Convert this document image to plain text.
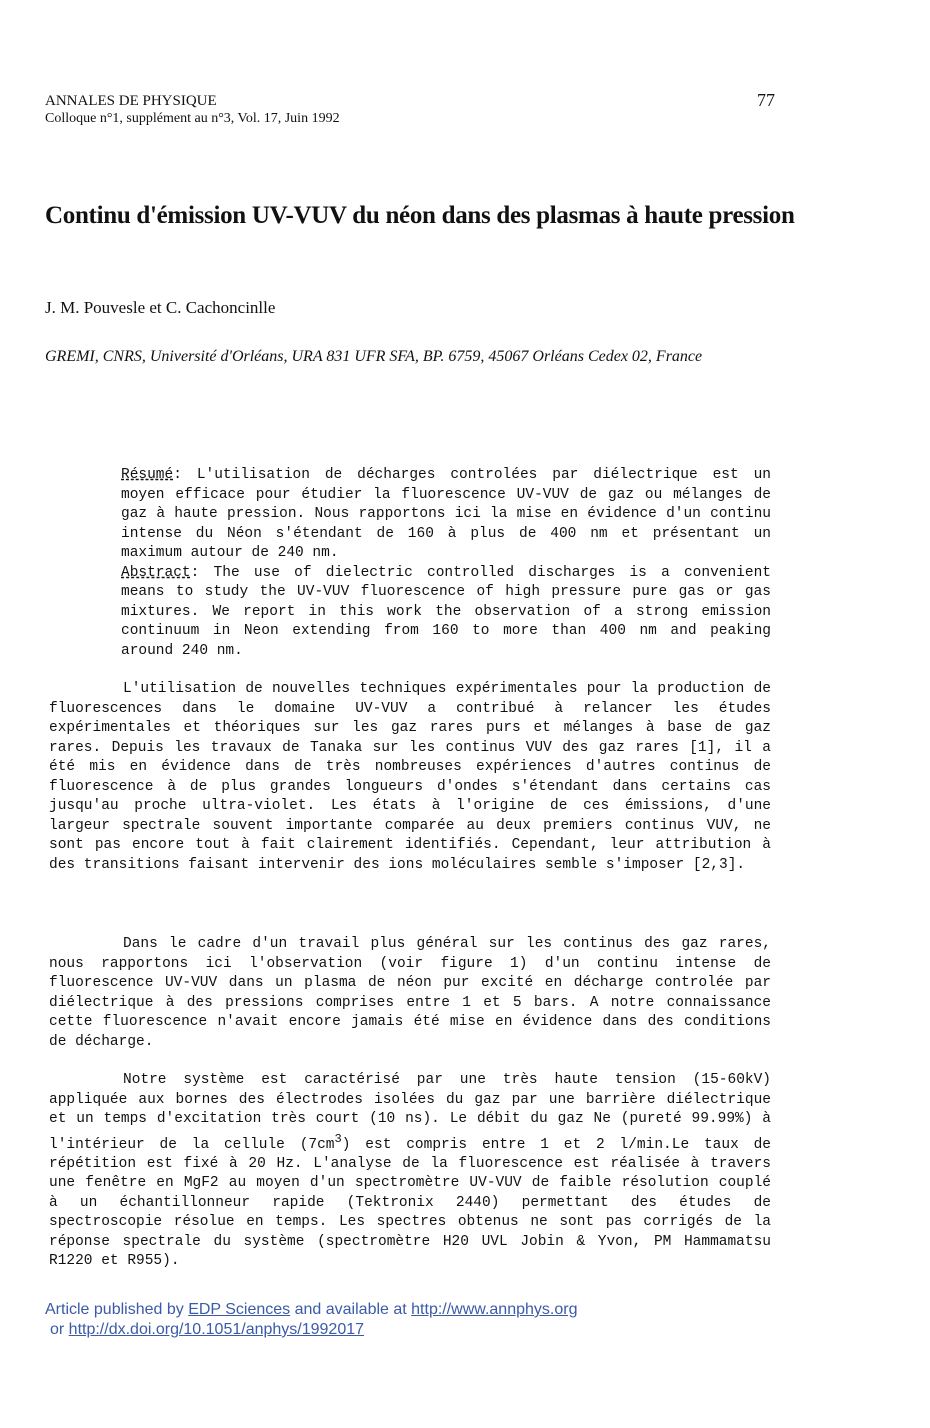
ANNALES DE PHYSIQUE
Colloque n°1, supplément au n°3, Vol. 17, Juin 1992
77
Continu d'émission UV-VUV du néon dans des plasmas à haute pression
J. M. Pouvesle et C. Cachoncinlle
GREMI, CNRS, Université d'Orléans, URA 831 UFR SFA, BP. 6759, 45067 Orléans Cedex 02, France

Résumé: L'utilisation de décharges controlées par diélectrique est un moyen efficace pour étudier la fluorescence UV-VUV de gaz ou mélanges de gaz à haute pression. Nous rapportons ici la mise en évidence d'un continu intense du Néon s'étendant de 160 à plus de 400 nm et présentant un maximum autour de 240 nm.

Abstract: The use of dielectric controlled discharges is a convenient means to study the UV-VUV fluorescence of high pressure pure gas or gas mixtures. We report in this work the observation of a strong emission continuum in Neon extending from 160 to more than 400 nm and peaking around 240 nm.

L'utilisation de nouvelles techniques expérimentales pour la production de fluorescences dans le domaine UV-VUV a contribué à relancer les études expérimentales et théoriques sur les gaz rares purs et mélanges à base de gaz rares. Depuis les travaux de Tanaka sur les continus VUV des gaz rares [1], il a été mis en évidence dans de très nombreuses expériences d'autres continus de fluorescence à de plus grandes longueurs d'ondes s'étendant dans certains cas jusqu'au proche ultra-violet. Les états à l'origine de ces émissions, d'une largeur spectrale souvent importante comparée au deux premiers continus VUV, ne sont pas encore tout à fait clairement identifiés. Cependant, leur attribution à des transitions faisant intervenir des ions moléculaires semble s'imposer [2,3].

Dans le cadre d'un travail plus général sur les continus des gaz rares, nous rapportons ici l'observation (voir figure 1) d'un continu intense de fluorescence UV-VUV dans un plasma de néon pur excité en décharge controlée par diélectrique à des pressions comprises entre 1 et 5 bars. A notre connaissance cette fluorescence n'avait encore jamais été mise en évidence dans des conditions de décharge.

Notre système est caractérisé par une très haute tension (15-60kV) appliquée aux bornes des électrodes isolées du gaz par une barrière diélectrique et un temps d'excitation très court (10 ns). Le débit du gaz Ne (pureté 99.99%) à l'intérieur de la cellule $(7cm^3)$ est compris entre 1 et 2 l/min.Le taux de répétition est fixé à 20 Hz. L'analyse de la fluorescence est réalisée à travers une fenêtre en MgF2 au moyen d'un spectromètre UV-VUV de faible résolution couplé à un échantillonneur rapide (Tektronix 2440) permettant des études de spectroscopie résolue en temps. Les spectres obtenus ne sont pas corrigés de la réponse spectrale du système (spectromètre H20 UVL Jobin & Yvon, PM Hammamatsu R1220 et R955).

Article published by EDP Sciences and available at http://www.annphys.org
or http://dx.doi.org/10.1051/anphys/1992017
